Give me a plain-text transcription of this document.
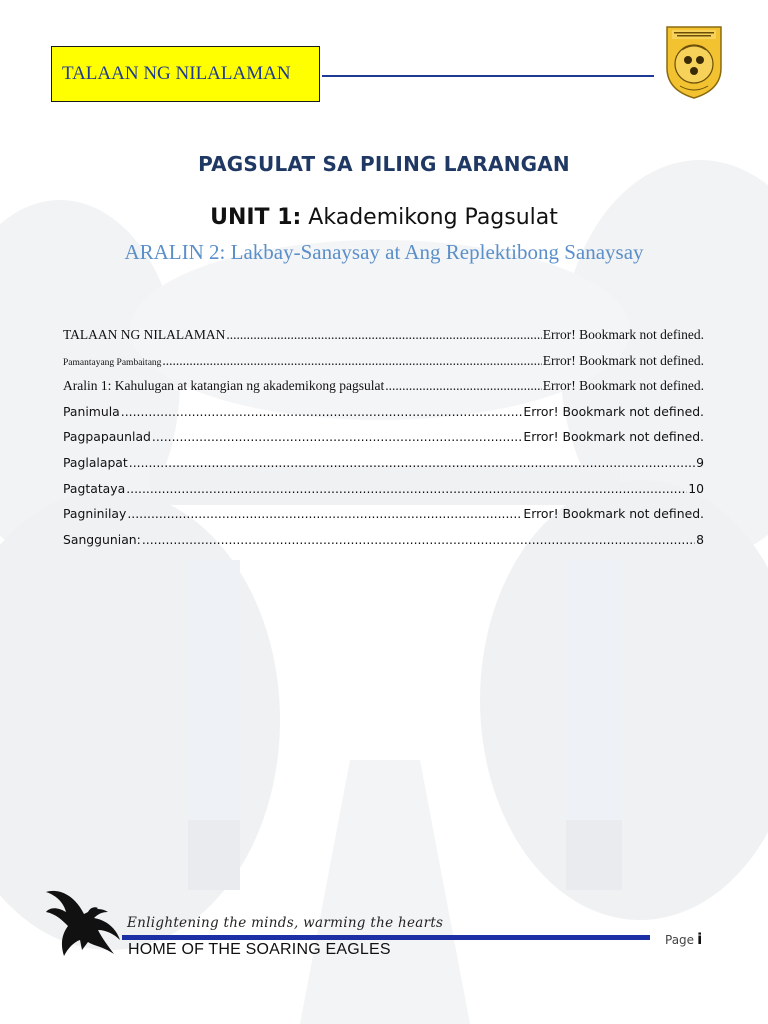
TALAAN NG NILALAMAN
PAGSULAT SA PILING LARANGAN
UNIT 1: Akademikong Pagsulat
ARALIN 2: Lakbay-Sanaysay at Ang Replektibong Sanaysay
TALAAN NG NILALAMAN .....	Error! Bookmark not defined.
Pamantayang Pambaitang .....	Error! Bookmark not defined.
Aralin 1: Kahulugan at katangian ng akademikong pagsulat .....	Error! Bookmark not defined.
Panimula .....	Error! Bookmark not defined.
Pagpapaunlad .....	Error! Bookmark not defined.
Paglalapat .....	9
Pagtataya .....	10
Pagninilay .....	Error! Bookmark not defined.
Sanggunian: .....	8
Enlightening the minds, warming the hearts
HOME OF THE SOARING EAGLES
Page i
